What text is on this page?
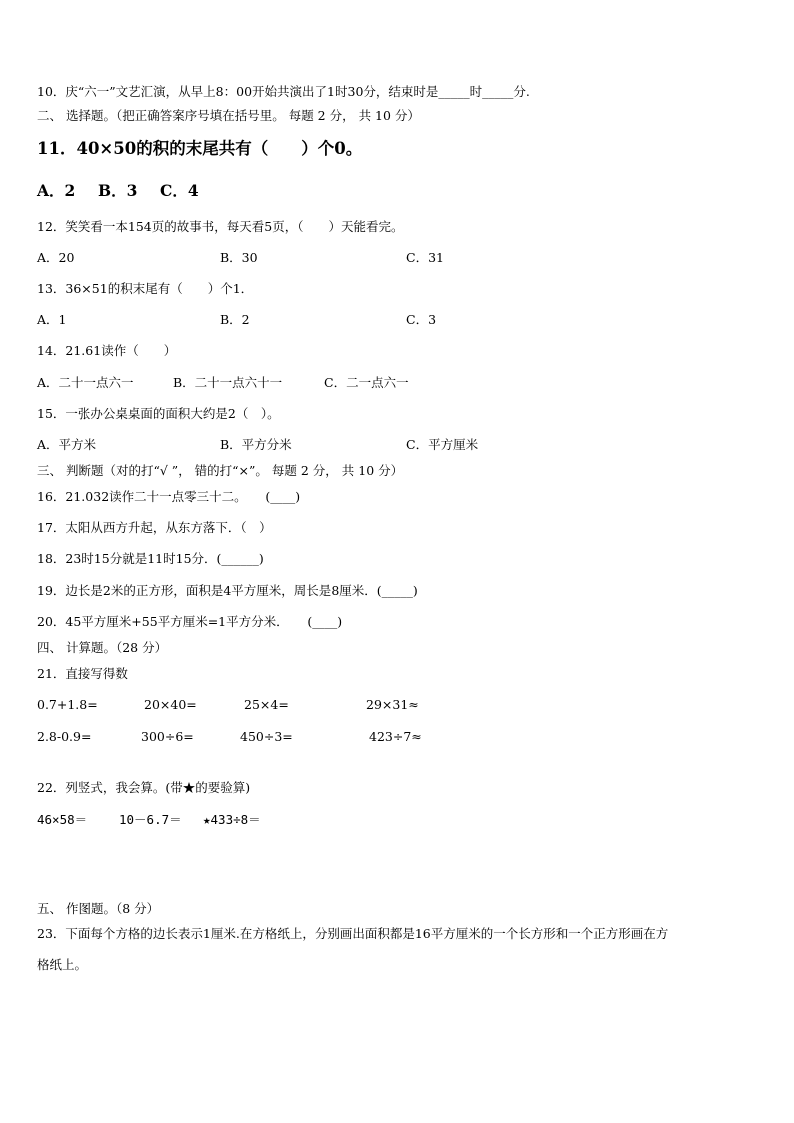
10．庆“六一”文艺汇演，从早上8：00开始共演出了1时30分，结束时是_____时_____分.
二、 选择题。（把正确答案序号填在括号里。 每题 2 分， 共 10 分）
11．40×50的积的末尾共有（　　）个0。
A．2 B．3 C．4
12．笑笑看一本154页的故事书，每天看5页，（　　）天能看完。
A．20	B．30	C．31
13．36×51的积末尾有（　　）个1．
A．1	B．2	C．3
14．21.61读作（　　）
A．二十一点六一	B．二十一点六十一	C．二一点六一
15．一张办公桌桌面的面积大约是2（　）。
A．平方米	B．平方分米	C．平方厘米
三、 判断题（对的打“√ ”， 错的打“×”。 每题 2 分， 共 10 分）
16．21.032读作二十一点零三十二。　　(____)
17．太阳从西方升起，从东方落下．（　）
18．23时15分就是11时15分．(______)
19．边长是2米的正方形，面积是4平方厘米，周长是8厘米．(_____)
20．45平方厘米+55平方厘米=1平方分米．　　(____)
四、 计算题。（28 分）
21．直接写得数
0.7+1.8=	20×40=	25×4=	29×31≈
2.8-0.9=	300÷6=	450÷3=	423÷7≈
22．列竖式，我会算。(带★的要验算)
46×58＝	10－6.7＝ ★433÷8＝
五、 作图题。（8 分）
23．下面每个方格的边长表示1厘米.在方格纸上，分别画出面积都是16平方厘米的一个长方形和一个正方形画在方
格纸上。
